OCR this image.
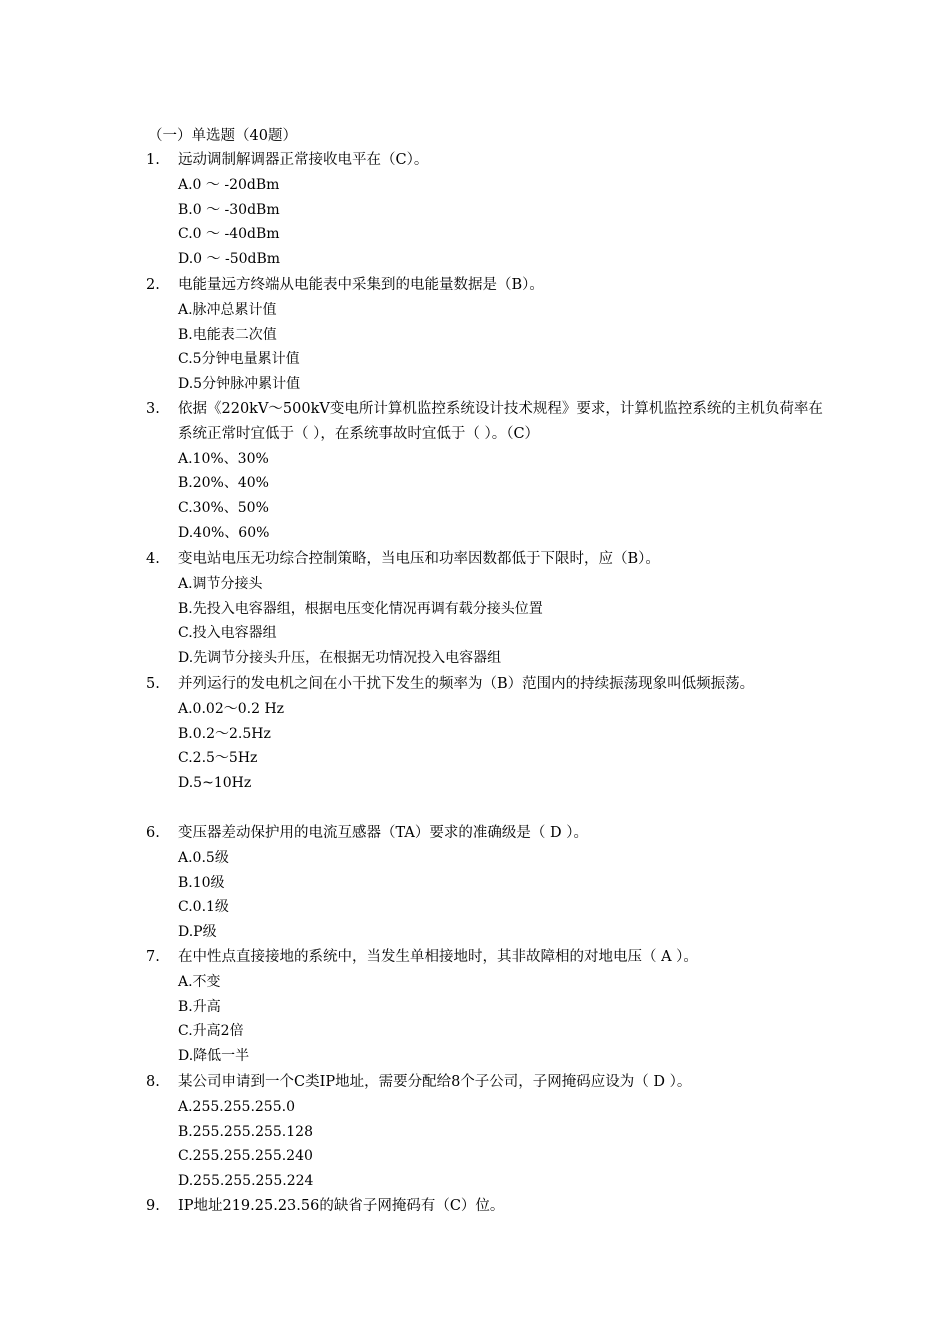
（一）单选题（40题）
1.	远动调制解调器正常接收电平在（C）。
A.0 ～ -20dBm
B.0 ～ -30dBm
C.0 ～ -40dBm
D.0 ～ -50dBm
2.	电能量远方终端从电能表中采集到的电能量数据是（B）。
A.脉冲总累计值
B.电能表二次值
C.5分钟电量累计值
D.5分钟脉冲累计值
3.	依据《220kV～500kV变电所计算机监控系统设计技术规程》要求，计算机监控系统的主机负荷率在系统正常时宜低于（ ），在系统事故时宜低于（ ）。（C）
A.10%、30%
B.20%、40%
C.30%、50%
D.40%、60%
4.	变电站电压无功综合控制策略，当电压和功率因数都低于下限时，应（B）。
A.调节分接头
B.先投入电容器组，根据电压变化情况再调有载分接头位置
C.投入电容器组
D.先调节分接头升压，在根据无功情况投入电容器组
5.	并列运行的发电机之间在小干扰下发生的频率为（B）范围内的持续振荡现象叫低频振荡。
A.0.02～0.2 Hz
B.0.2～2.5Hz
C.2.5～5Hz
D.5~10Hz
6.	变压器差动保护用的电流互感器（TA）要求的准确级是（ D ）。
A.0.5级
B.10级
C.0.1级
D.P级
7.	在中性点直接接地的系统中，当发生单相接地时，其非故障相的对地电压（ A ）。
A.不变
B.升高
C.升高2倍
D.降低一半
8.	某公司申请到一个C类IP地址，需要分配给8个子公司，子网掩码应设为（ D ）。
A.255.255.255.0
B.255.255.255.128
C.255.255.255.240
D.255.255.255.224
9.	IP地址219.25.23.56的缺省子网掩码有（C）位。
